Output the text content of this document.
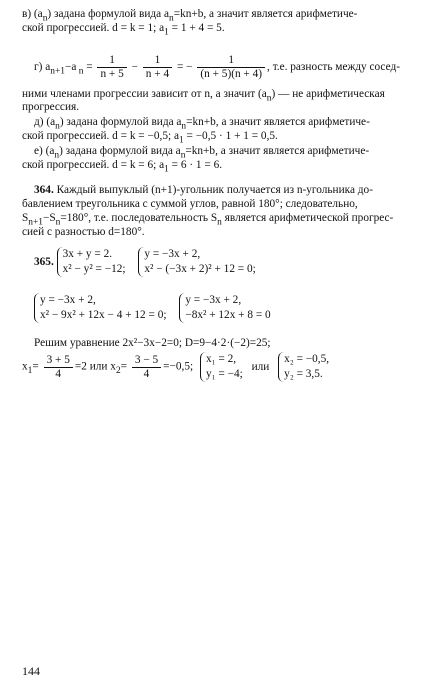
в) $(a_n)$ задана формулой вида $a_n=kn+b$, а значит является арифметиче-
ской прогрессией. d = k = 1; $a_1 = 1 + 4 = 5$.
г) $a_{n+1}-a$ $_n = \frac{1}{n + 5} - \frac{1}{n + 4}$ = − $\frac{1}{(n + 5)(n + 4)}$ , т.е. разность между сосед-
ними членами прогрессии зависит от n, а значит $(a_n)$ — не арифметическая
прогрессия.
д) $(a_n)$ задана формулой вида $a_n=kn+b$, а значит является арифметиче-
ской прогрессией. d = k = −0,5; $a_1 = -0,5 \cdot 1 + 1 = 0,5$.
е) $(a_n)$ задана формулой вида $a_n=kn+b$, а значит является арифметиче-
ской прогрессией. d = k = 6; $a_1 = 6 \cdot 1 = 6$.
364. Каждый выпуклый (n+1)-угольник получается из n-угольника до-
бавлением треугольника с суммой углов, равной 180°; следовательно,
$S_{n+1}-S_n=180^\circ$, т.е. последовательность $S_n$ является арифметической прогрес-
сией с разностью d=180°.
365.
3x + y = 2.
x² − y² = −12;

y = −3x + 2,
x² − (−3x + 2)² + 12 = 0;
y = −3x + 2,
x² − 9x² + 12x − 4 + 12 = 0;

y = −3x + 2,
−8x² + 12x + 8 = 0
Решим уравнение 2x²−3x−2=0; D=9−4·2·(−2)=25;
$x_1= \frac{3 + 5}{4} =2$ или $x_2= \frac{3 - 5}{4} =-0,5$;
x₁ = 2,
y₁ = −4;
или
x₂ = −0,5,
y₂ = 3,5.
144
